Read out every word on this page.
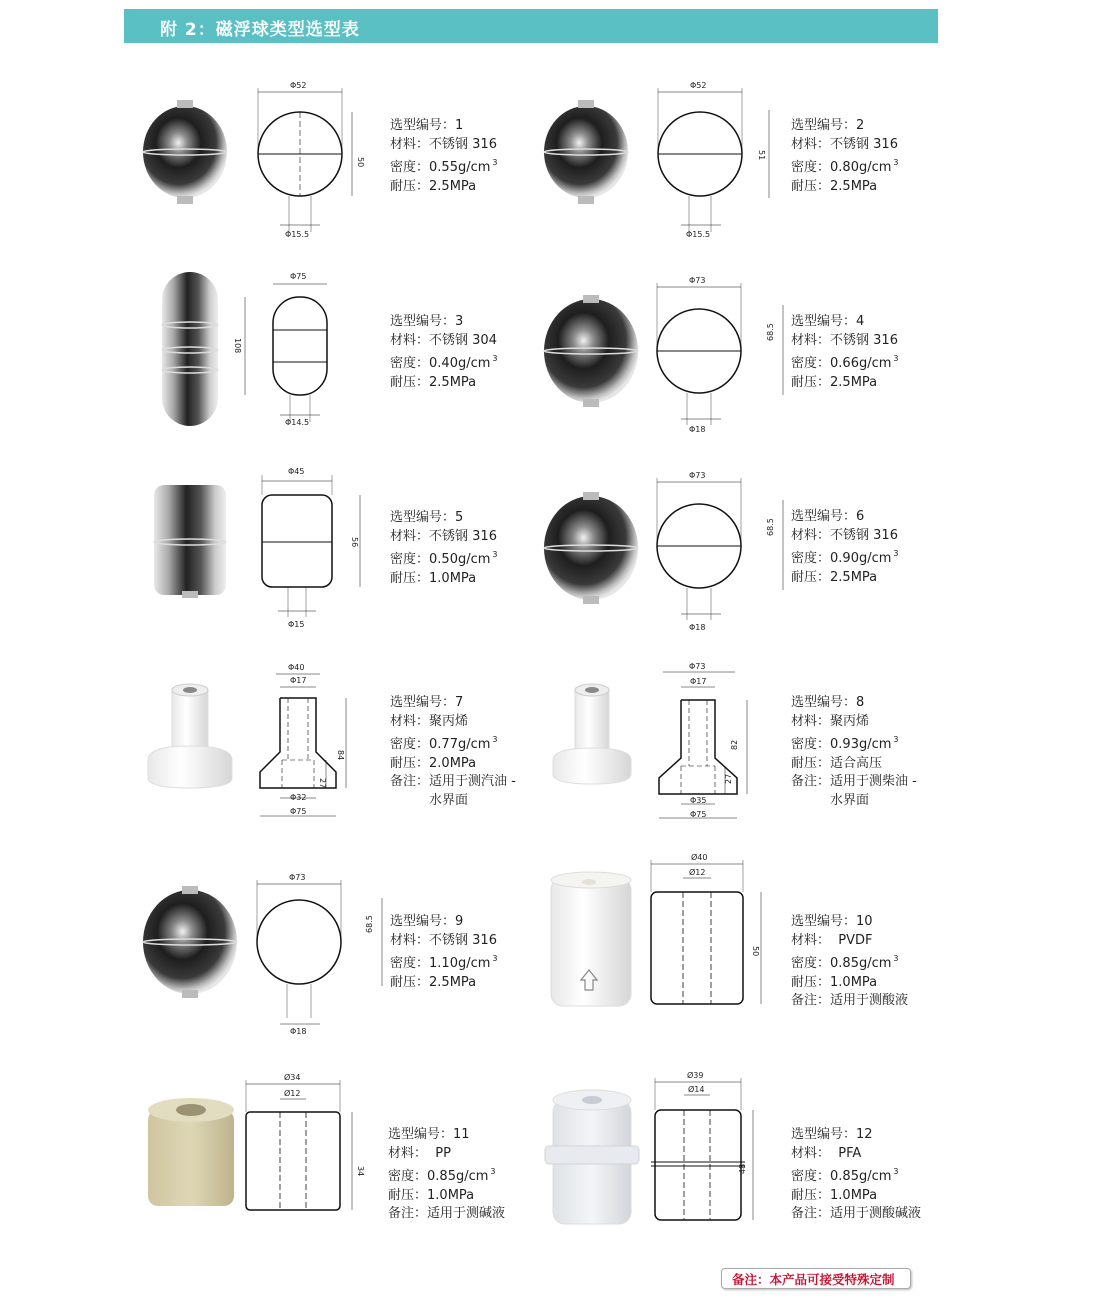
附 2：磁浮球类型选型表
Φ52
50
Φ15.5
选型编号：1
材料：不锈钢 316
密度：0.55g/cm $^3$
耐压：2.5MPa
Φ52
51
Φ15.5
选型编号：2
材料：不锈钢 316
密度：0.80g/cm $^3$
耐压：2.5MPa
Φ75
108
Φ14.5
选型编号：3
材料：不锈钢 304
密度：0.40g/cm $^3$
耐压：2.5MPa
Φ73
68.5
Φ18
选型编号：4
材料：不锈钢 316
密度：0.66g/cm $^3$
耐压：2.5MPa
Φ45
56
Φ15
选型编号：5
材料：不锈钢 316
密度：0.50g/cm $^3$
耐压：1.0MPa
Φ73
68.5
Φ18
选型编号：6
材料：不锈钢 316
密度：0.90g/cm $^3$
耐压：2.5MPa
Φ40
Φ17
84
27
Φ32
Φ75
选型编号：7
材料：聚丙烯
密度：0.77g/cm $^3$
耐压：2.0MPa
备注：适用于测汽油 -
水界面
Φ73
Φ17
82
27
Φ35
Φ75
选型编号：8
材料：聚丙烯
密度：0.93g/cm $^3$
耐压：适合高压
备注：适用于测柴油 -
水界面
Φ73
68.5
Φ18
选型编号：9
材料：不锈钢 316
密度：1.10g/cm $^3$
耐压：2.5MPa
Ø40
Ø12
50
选型编号：10
材料： PVDF
密度：0.85g/cm $^3$
耐压：1.0MPa
备注：适用于测酸液
Ø34
Ø12
34
选型编号：11
材料： PP
密度：0.85g/cm $^3$
耐压：1.0MPa
备注：适用于测碱液
Ø39
Ø14
48
选型编号：12
材料： PFA
密度：0.85g/cm $^3$
耐压：1.0MPa
备注：适用于测酸碱液
备注：本产品可接受特殊定制
